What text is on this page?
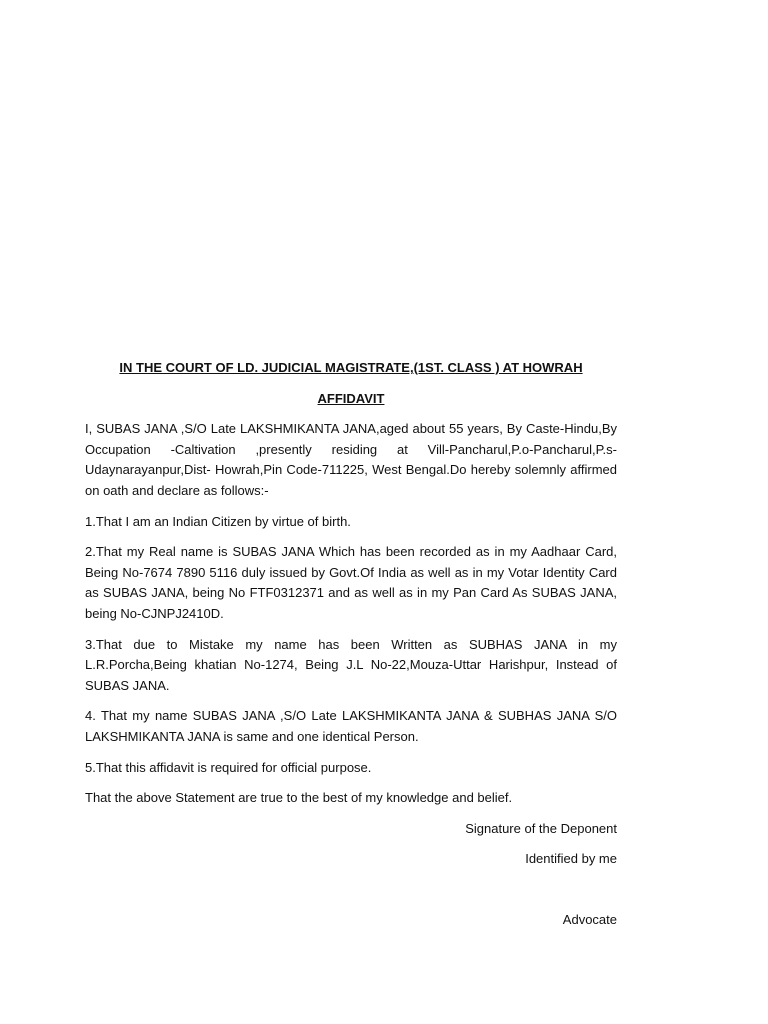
IN THE COURT OF LD. JUDICIAL MAGISTRATE,(1ST. CLASS ) AT HOWRAH
AFFIDAVIT
I, SUBAS JANA ,S/O Late LAKSHMIKANTA JANA,aged about 55 years, By Caste-Hindu,By Occupation -Caltivation ,presently residing at Vill-Pancharul,P.o-Pancharul,P.s-Udaynarayanpur,Dist- Howrah,Pin Code-711225, West Bengal.Do hereby solemnly affirmed on oath and declare as follows:-
1.That I am an Indian Citizen by virtue of birth.
2.That my Real name is SUBAS JANA Which has been recorded as in my Aadhaar Card, Being No-7674 7890 5116 duly issued by Govt.Of India as well as in my Votar Identity Card as SUBAS JANA, being No FTF0312371 and as well as in my Pan Card As SUBAS JANA, being No-CJNPJ2410D.
3.That due to Mistake my name has been Written as SUBHAS JANA in my L.R.Porcha,Being khatian No-1274, Being J.L No-22,Mouza-Uttar Harishpur, Instead of SUBAS JANA.
4. That my name SUBAS JANA ,S/O Late LAKSHMIKANTA JANA & SUBHAS JANA S/O LAKSHMIKANTA JANA is same and one identical Person.
5.That this affidavit is required for official purpose.
That the above Statement are true to the best of my knowledge and belief.
Signature of the Deponent
Identified by me
Advocate
